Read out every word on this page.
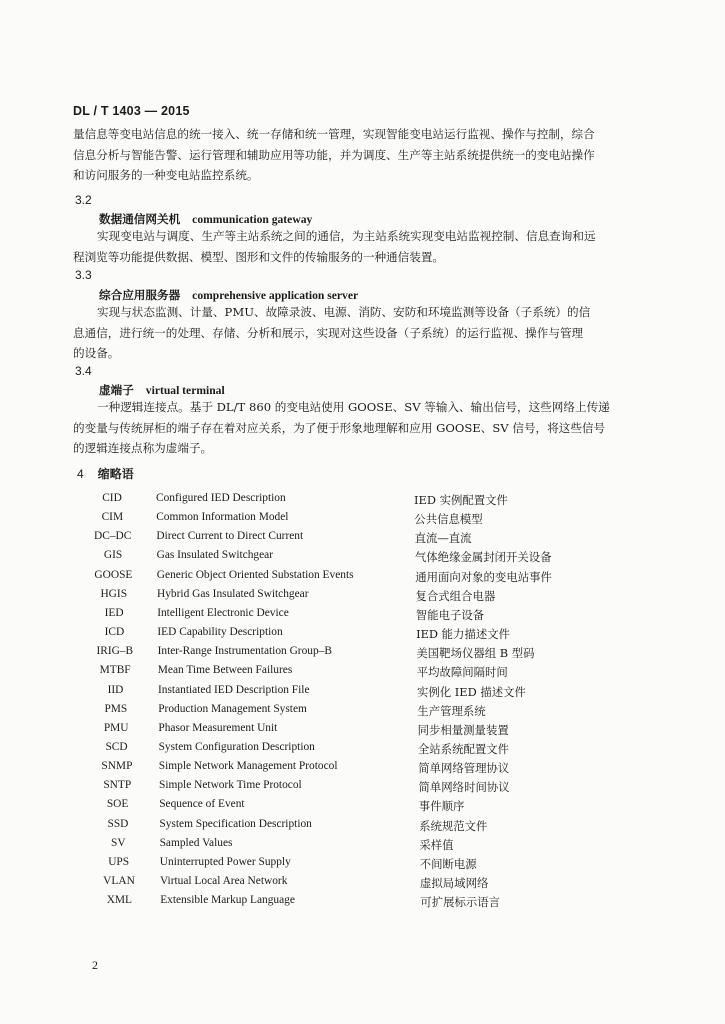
DL / T 1403 — 2015
量信息等变电站信息的统一接入、统一存储和统一管理，实现智能变电站运行监视、操作与控制，综合
信息分析与智能告警、运行管理和辅助应用等功能，并为调度、生产等主站系统提供统一的变电站操作
和访问服务的一种变电站监控系统。
3.2
数据通信网关机 communication gateway
实现变电站与调度、生产等主站系统之间的通信，为主站系统实现变电站监视控制、信息查询和远
程浏览等功能提供数据、模型、图形和文件的传输服务的一种通信装置。
3.3
综合应用服务器 comprehensive application server
实现与状态监测、计量、PMU、故障录波、电源、消防、安防和环境监测等设备（子系统）的信
息通信，进行统一的处理、存储、分析和展示，实现对这些设备（子系统）的运行监视、操作与管理
的设备。
3.4
虚端子 virtual terminal
一种逻辑连接点。基于 DL/T 860 的变电站使用 GOOSE、SV 等输入、输出信号，这些网络上传递
的变量与传统屏柜的端子存在着对应关系，为了便于形象地理解和应用 GOOSE、SV 信号，将这些信号
的逻辑连接点称为虚端子。
4 缩略语
CID	Configured IED Description	IED 实例配置文件
CIM	Common Information Model	公共信息模型
DC–DC	Direct Current to Direct Current	直流—直流
GIS	Gas Insulated Switchgear	气体绝缘金属封闭开关设备
GOOSE	Generic Object Oriented Substation Events	通用面向对象的变电站事件
HGIS	Hybrid Gas Insulated Switchgear	复合式组合电器
IED	Intelligent Electronic Device	智能电子设备
ICD	IED Capability Description	IED 能力描述文件
IRIG–B	Inter-Range Instrumentation Group–B	美国靶场仪器组 B 型码
MTBF	Mean Time Between Failures	平均故障间隔时间
IID	Instantiated IED Description File	实例化 IED 描述文件
PMS	Production Management System	生产管理系统
PMU	Phasor Measurement Unit	同步相量测量装置
SCD	System Configuration Description	全站系统配置文件
SNMP	Simple Network Management Protocol	简单网络管理协议
SNTP	Simple Network Time Protocol	简单网络时间协议
SOE	Sequence of Event	事件顺序
SSD	System Specification Description	系统规范文件
SV	Sampled Values	采样值
UPS	Uninterrupted Power Supply	不间断电源
VLAN	Virtual Local Area Network	虚拟局域网络
XML	Extensible Markup Language	可扩展标示语言
2
